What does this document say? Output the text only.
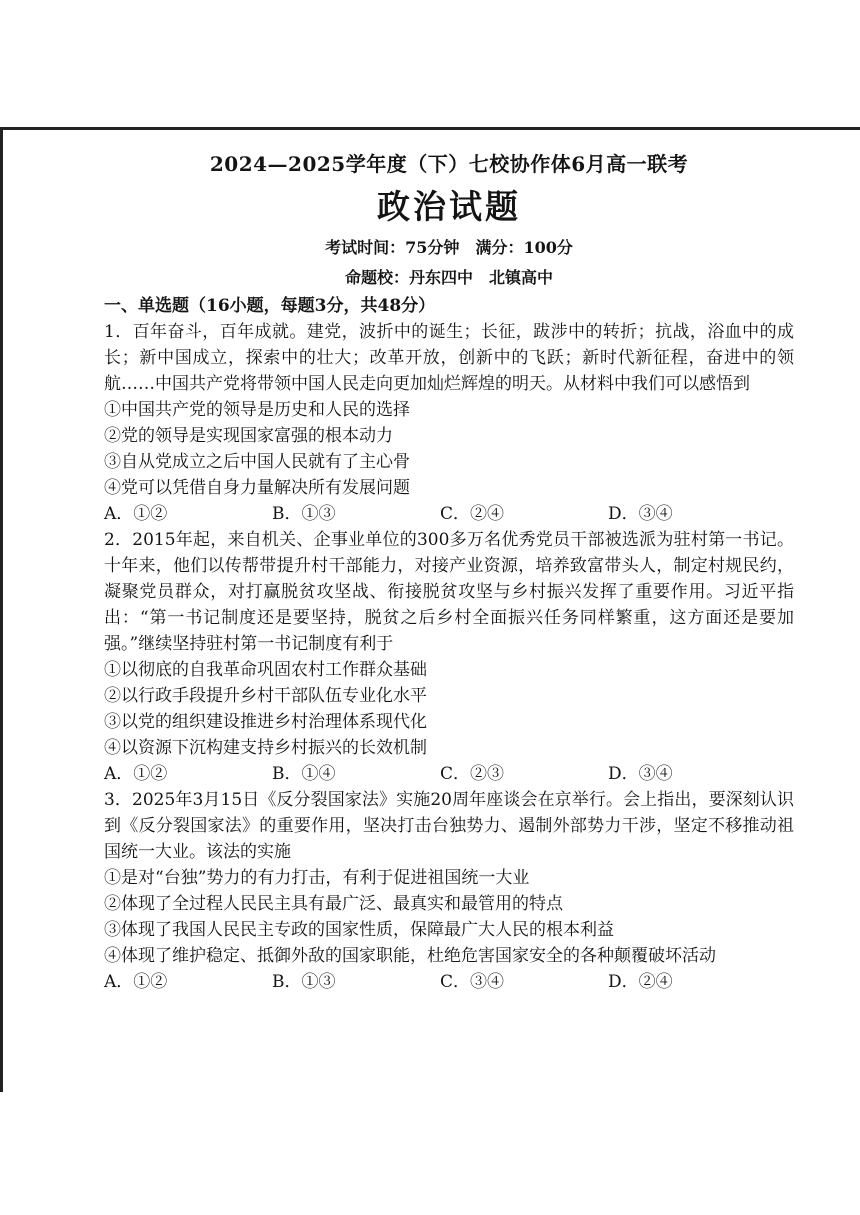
2024—2025学年度（下）七校协作体6月高一联考
政治试题
考试时间：75分钟 满分：100分
命题校：丹东四中　北镇高中
一、单选题（16小题，每题3分，共48分）
1．百年奋斗，百年成就。建党，波折中的诞生；长征，跋涉中的转折；抗战，浴血中的成长；新中国成立，探索中的壮大；改革开放，创新中的飞跃；新时代新征程，奋进中的领航……中国共产党将带领中国人民走向更加灿烂辉煌的明天。从材料中我们可以感悟到
①中国共产党的领导是历史和人民的选择
②党的领导是实现国家富强的根本动力
③自从党成立之后中国人民就有了主心骨
④党可以凭借自身力量解决所有发展问题
A．①②	B．①③	C．②④	D．③④
2．2015年起，来自机关、企事业单位的300多万名优秀党员干部被选派为驻村第一书记。十年来，他们以传帮带提升村干部能力，对接产业资源，培养致富带头人，制定村规民约，凝聚党员群众，对打赢脱贫攻坚战、衔接脱贫攻坚与乡村振兴发挥了重要作用。习近平指出：“第一书记制度还是要坚持，脱贫之后乡村全面振兴任务同样繁重，这方面还是要加强。”继续坚持驻村第一书记制度有利于
①以彻底的自我革命巩固农村工作群众基础
②以行政手段提升乡村干部队伍专业化水平
③以党的组织建设推进乡村治理体系现代化
④以资源下沉构建支持乡村振兴的长效机制
A．①②	B．①④	C．②③	D．③④
3．2025年3月15日《反分裂国家法》实施20周年座谈会在京举行。会上指出，要深刻认识到《反分裂国家法》的重要作用，坚决打击台独势力、遏制外部势力干涉，坚定不移推动祖国统一大业。该法的实施
①是对“台独”势力的有力打击，有利于促进祖国统一大业
②体现了全过程人民民主具有最广泛、最真实和最管用的特点
③体现了我国人民民主专政的国家性质，保障最广大人民的根本利益
④体现了维护稳定、抵御外敌的国家职能，杜绝危害国家安全的各种颠覆破坏活动
A．①②	B．①③	C．③④	D．②④
